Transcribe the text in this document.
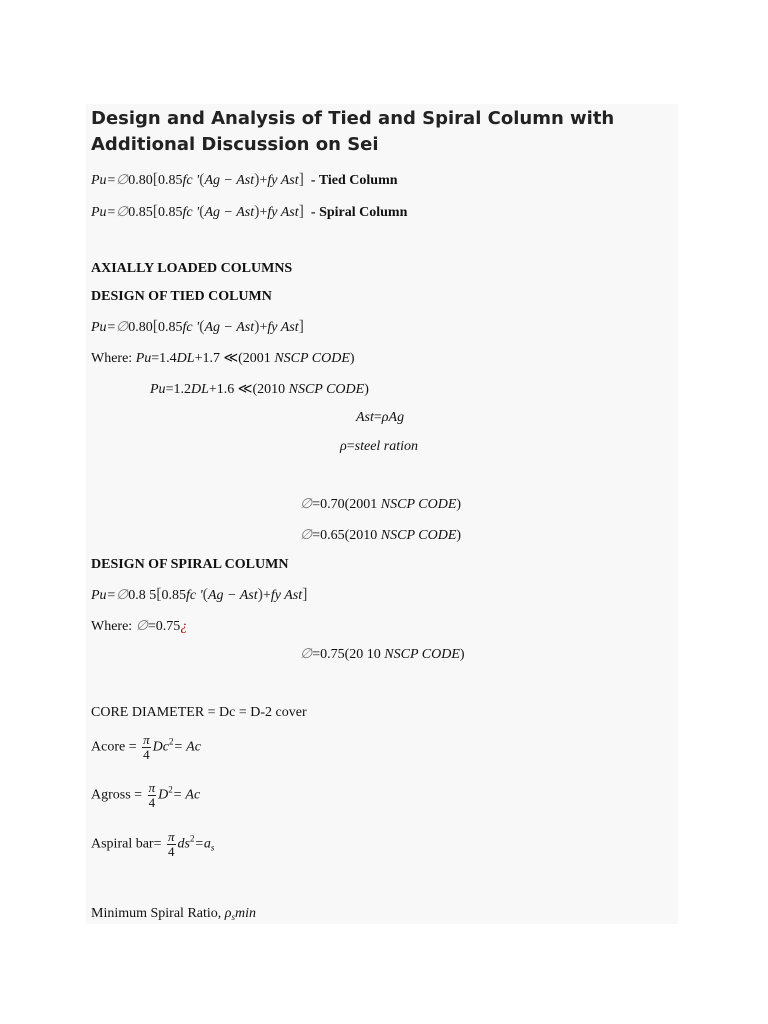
Design and Analysis of Tied and Spiral Column with Additional Discussion on Sei
Pu=∅0.80[0.85fc '(Ag − Ast)+fy Ast] - Tied Column
Pu=∅0.85[0.85fc '(Ag − Ast)+fy Ast] - Spiral Column
AXIALLY LOADED COLUMNS
DESIGN OF TIED COLUMN
Pu=∅0.80[0.85fc '(Ag − Ast)+fy Ast]
Where: Pu=1.4DL+1.7 ≪(2001 NSCP CODE)
Pu=1.2DL+1.6 ≪(2010 NSCP CODE)
Ast=ρAg
ρ=steel ration
∅=0.70(2001 NSCP CODE)
∅=0.65(2010 NSCP CODE)
DESIGN OF SPIRAL COLUMN
Pu=∅0.8 5[0.85fc '(Ag − Ast)+fy Ast]
Where: ∅=0.75¿
∅=0.75(20 10 NSCP CODE)
CORE DIAMETER = Dc = D-2 cover
Acore = $\frac{\pi}{4} Dc^2= Ac$
Agross = $\frac{\pi}{4} D^2= Ac$
Aspiral $bar= \frac{\pi}{4} ds^2=a_s$
Minimum Spiral Ratio, $\rho_s\min$
